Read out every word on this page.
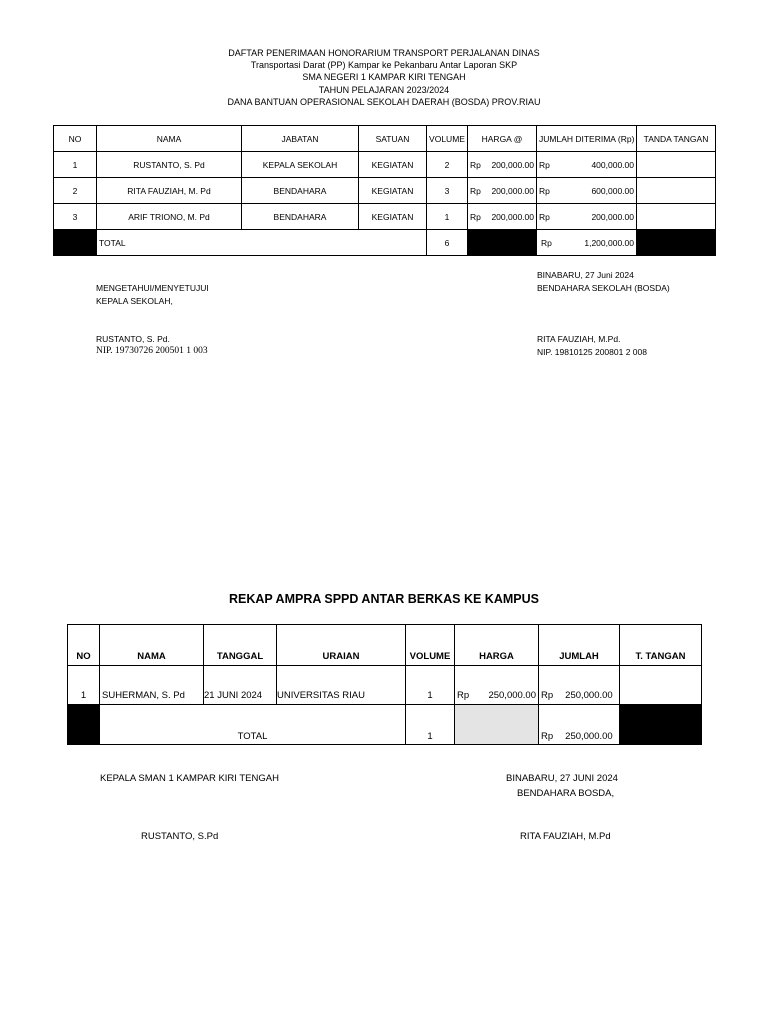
DAFTAR PENERIMAAN HONORARIUM TRANSPORT PERJALANAN DINAS
Transportasi Darat (PP) Kampar ke Pekanbaru Antar Laporan SKP
SMA NEGERI 1 KAMPAR KIRI TENGAH
TAHUN PELAJARAN 2023/2024
DANA BANTUAN OPERASIONAL SEKOLAH DAERAH (BOSDA) PROV.RIAU
NO	NAMA	JABATAN	SATUAN	VOLUME	HARGA @	JUMLAH DITERIMA (Rp)	TANDA TANGAN
1	RUSTANTO, S. Pd	KEPALA SEKOLAH	KEGIATAN	2	Rp 200,000.00	Rp 400,000.00	

2	RITA FAUZIAH, M. Pd	BENDAHARA	KEGIATAN	3	Rp 200,000.00	Rp 600,000.00	

3	ARIF TRIONO, M. Pd	BENDAHARA	KEGIATAN	1	Rp 200,000.00	Rp 200,000.00	

	TOTAL			6		Rp 1,200,000.00	

MENGETAHUI/MENYETUJUI
KEPALA SEKOLAH,
RUSTANTO, S. Pd.
NIP. 19730726 200501 1 003
BINABARU, 27 Juni 2024
BENDAHARA SEKOLAH (BOSDA)
RITA FAUZIAH, M.Pd.
NIP. 19810125 200801 2 008
REKAP AMPRA SPPD ANTAR BERKAS KE KAMPUS
NO	NAMA	TANGGAL	URAIAN	VOLUME	HARGA	JUMLAH	T. TANGAN
1	SUHERMAN, S. Pd	21 JUNI 2024	UNIVERSITAS RIAU	1	Rp 250,000.00	Rp 250,000.00	

	TOTAL			1		Rp 250,000.00	

KEPALA SMAN 1 KAMPAR KIRI TENGAH
RUSTANTO, S.Pd
BINABARU, 27 JUNI 2024
BENDAHARA BOSDA,
RITA FAUZIAH, M.Pd
